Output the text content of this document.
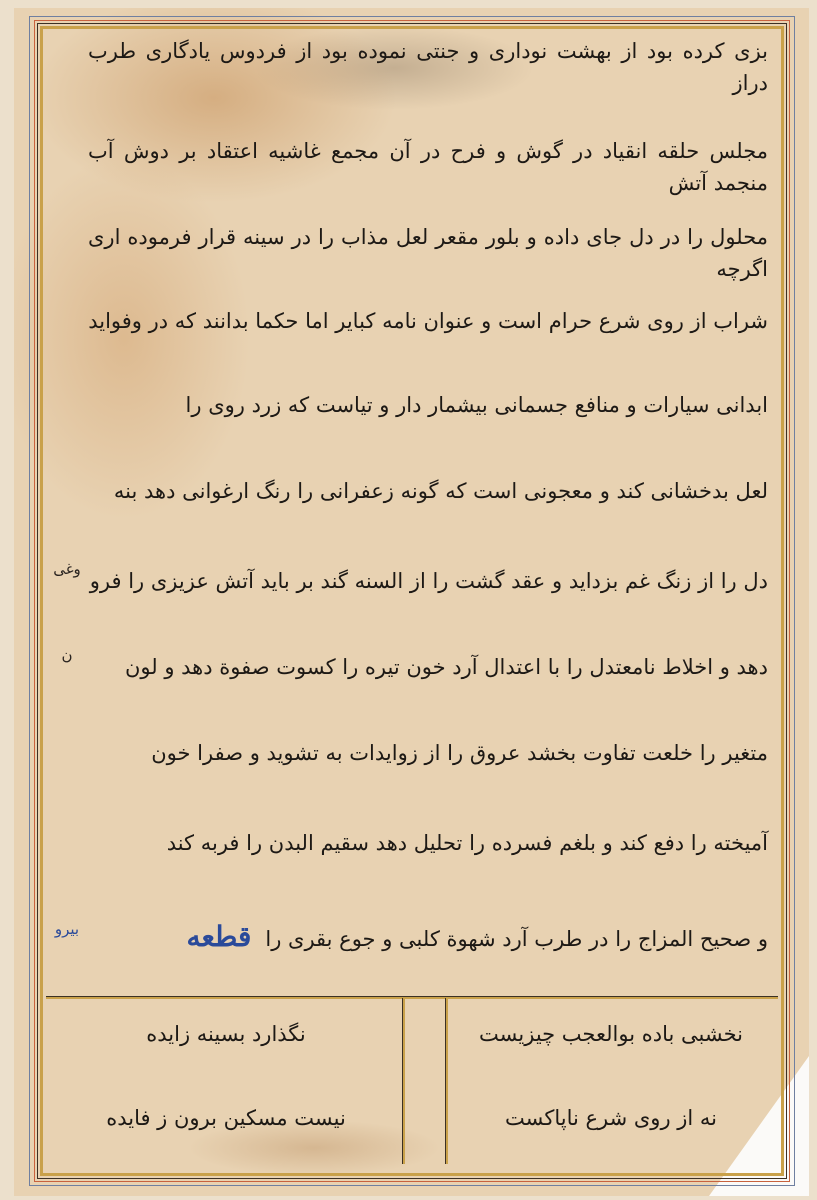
بزی کرده بود از بهشت نوداری و جنتی نموده بود از فردوس یادگاری طرب دراز
مجلس حلقه انقیاد در گوش و فرح در آن مجمع غاشیه اعتقاد بر دوش آب منجمد آتش
محلول را در دل جای داده و بلور مقعر لعل مذاب را در سینه قرار فرموده اری اگرچه
شراب از روی شرع حرام است و عنوان نامه کبایر اما حکما بدانند که در وفواید
ابدانی سیارات و منافع جسمانی بیشمار دار و تیاست که زرد روی را
لعل بدخشانی کند و معجونی است که گونه زعفرانی را رنگ ارغوانی دهد بنه
دل را از زنگ غم بزداید و عقد گشت را از السنه گند بر باید آتش عزیزی را فرو
دهد و اخلاط نامعتدل را با اعتدال آرد خون تیره را کسوت صفوة دهد و لون
متغیر را خلعت تفاوت بخشد عروق را از زوایدات به تشوید و صفرا خون
آمیخته را دفع کند و بلغم فسرده را تحلیل دهد سقیم البدن را فربه کند
و صحیح المزاج را در طرب آرد شهوة کلبی و جوع بقری راقطعه
وغی
ن
بیرو
نخشبی باده بوالعجب چیزیست
نه از روی شرع ناپاکست
نگذارد بسینه زایده
نیست مسکین برون ز فایده
